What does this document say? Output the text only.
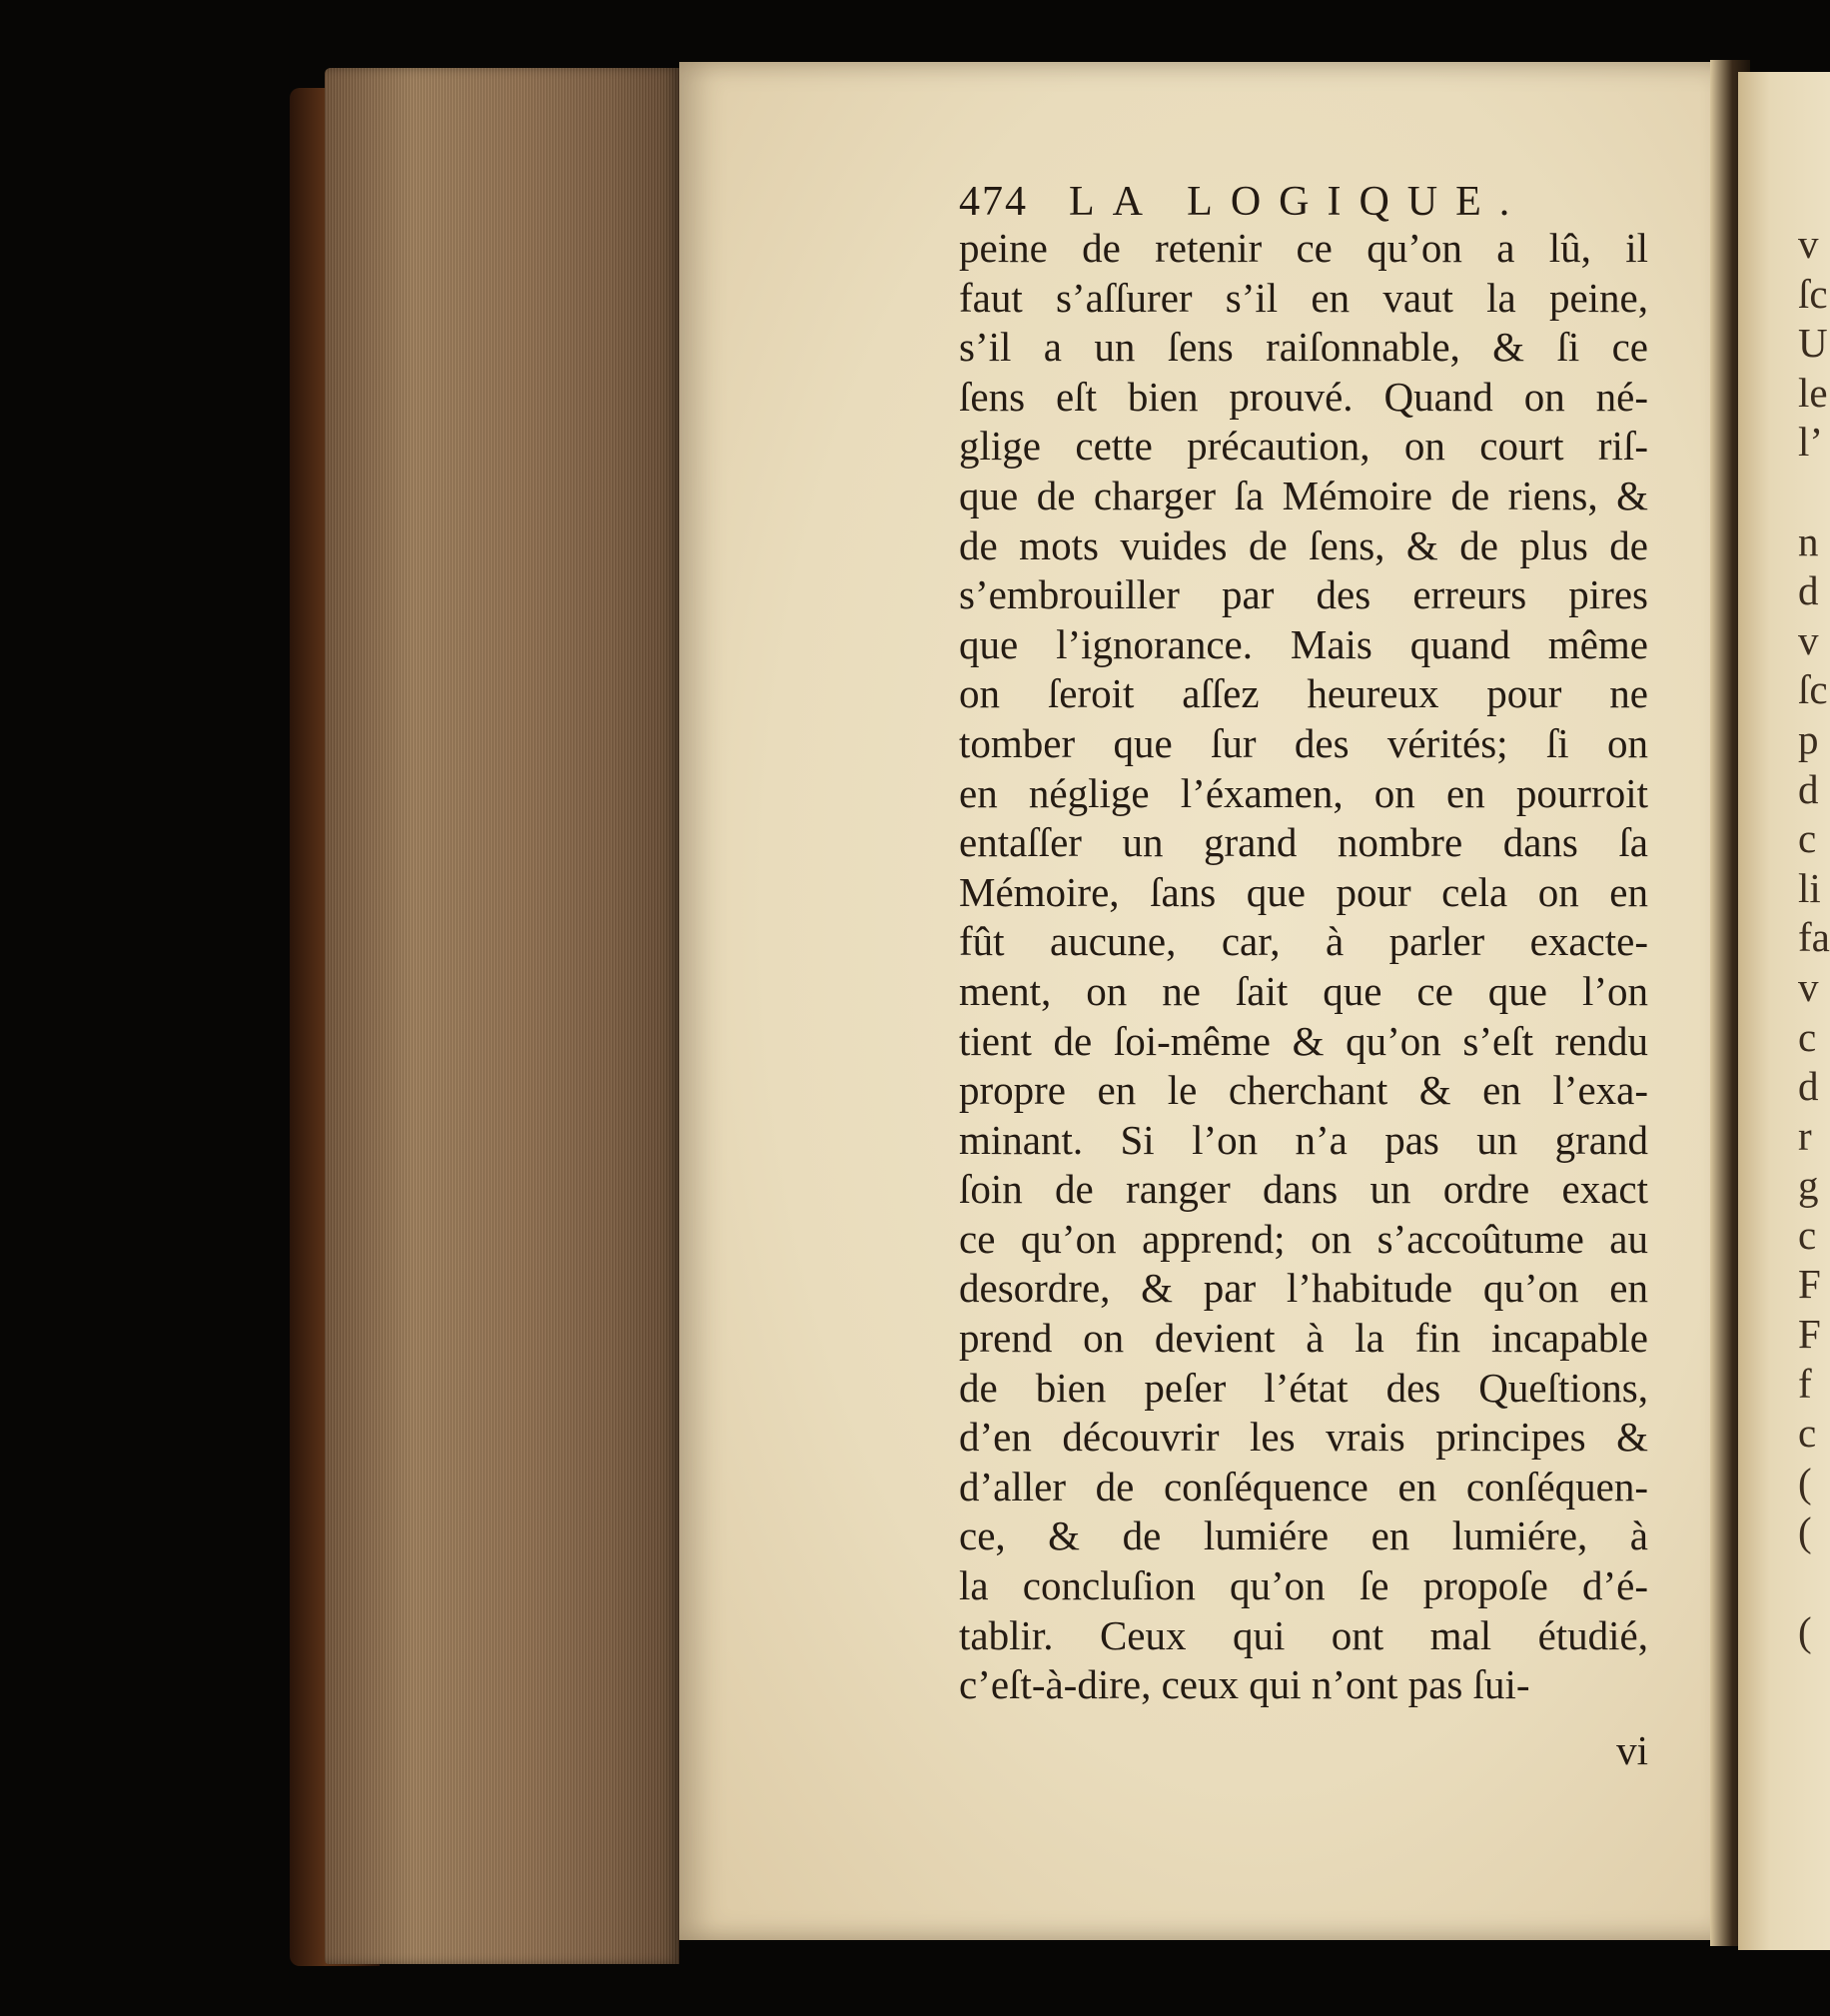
474 LA LOGIQUE.
peine de retenir ce qu’on a lû, il
faut s’aſſurer s’il en vaut la peine,
s’il a un ſens raiſonnable, & ſi ce
ſens eſt bien prouvé. Quand on né-
glige cette précaution, on court riſ-
que de charger ſa Mémoire de riens, &
de mots vuides de ſens, & de plus de
s’embrouiller par des erreurs pires
que l’ignorance. Mais quand même
on ſeroit aſſez heureux pour ne
tomber que ſur des vérités; ſi on
en néglige l’éxamen, on en pourroit
entaſſer un grand nombre dans ſa
Mémoire, ſans que pour cela on en
fût aucune, car, à parler exacte-
ment, on ne ſait que ce que l’on
tient de ſoi-même & qu’on s’eſt rendu
propre en le cherchant & en l’exa-
minant. Si l’on n’a pas un grand
ſoin de ranger dans un ordre exact
ce qu’on apprend; on s’accoûtume au
desordre, & par l’habitude qu’on en
prend on devient à la fin incapable
de bien peſer l’état des Queſtions,
d’en découvrir les vrais principes &
d’aller de conſéquence en conſéquen-
ce, & de lumiére en lumiére, à
la concluſion qu’on ſe propoſe d’é-
tablir. Ceux qui ont mal étudié,
c’eſt-à-dire, ceux qui n’ont pas ſui-
vi
v
ſc
U
le
l’
n
d
v
ſc
p
d
c
li
fa
v
c
d
r
g
c
F
F
f
c
(
(
(
